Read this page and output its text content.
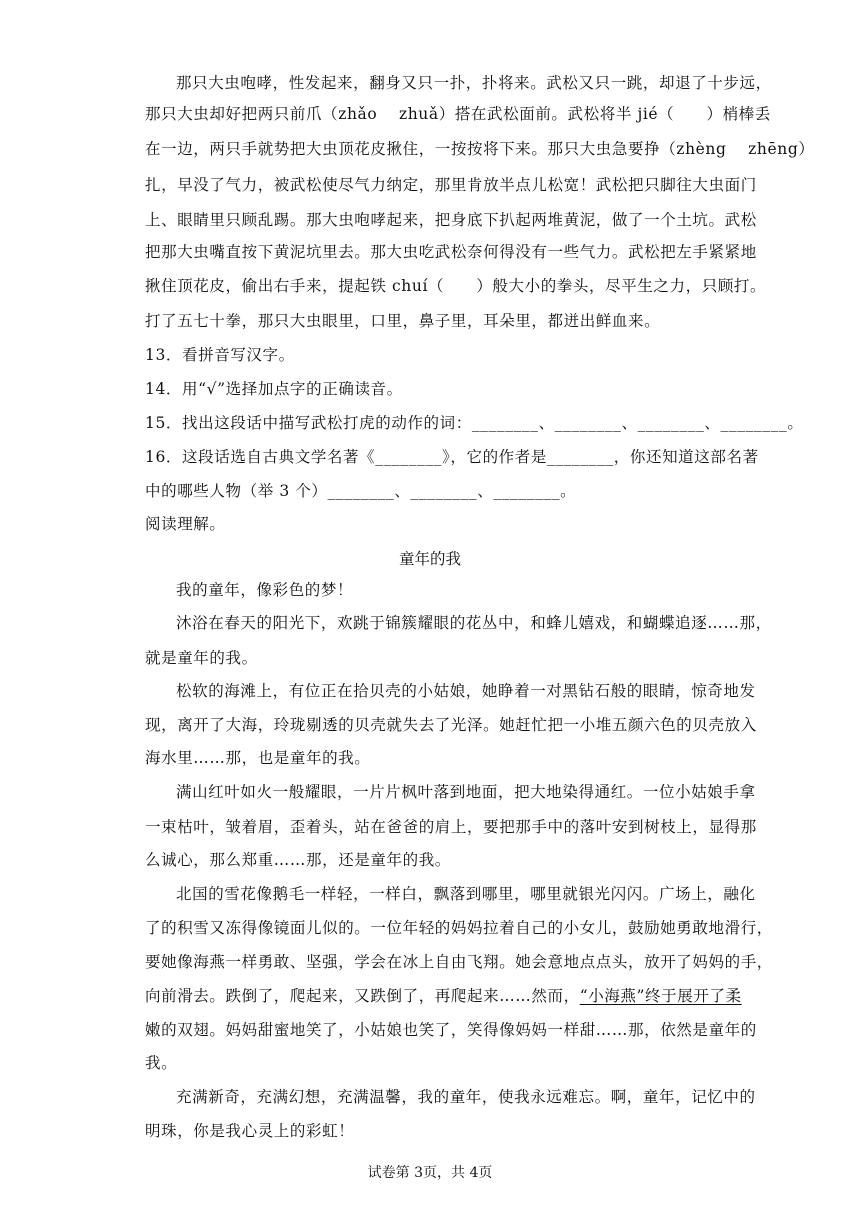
那只大虫咆哮，性发起来，翻身又只一扑，扑将来。武松又只一跳，却退了十步远，
那只大虫却好把两只前爪（zhǎo　 zhuǎ）搭在武松面前。武松将半 jié（　　）梢棒丢
在一边，两只手就势把大虫顶花皮揪住，一按按将下来。那只大虫急要挣（zhèng　 zhēng）
扎，早没了气力，被武松使尽气力纳定，那里肯放半点儿松宽！武松把只脚往大虫面门
上、眼睛里只顾乱踢。那大虫咆哮起来，把身底下扒起两堆黄泥，做了一个土坑。武松
把那大虫嘴直按下黄泥坑里去。那大虫吃武松奈何得没有一些气力。武松把左手紧紧地
揪住顶花皮，偷出右手来，提起铁 chuí（　　）般大小的拳头，尽平生之力，只顾打。
打了五七十拳，那只大虫眼里，口里，鼻子里，耳朵里，都迸出鲜血来。
13．看拼音写汉字。
14．用“√”选择加点字的正确读音。
15．找出这段话中描写武松打虎的动作的词：________、________、________、________。
16．这段话选自古典文学名著《________》，它的作者是________，你还知道这部名著
中的哪些人物（举 3 个）________、________、________。
阅读理解。
童年的我
我的童年，像彩色的梦！
沐浴在春天的阳光下，欢跳于锦簇耀眼的花丛中，和蜂儿嬉戏，和蝴蝶追逐……那，
就是童年的我。
松软的海滩上，有位正在拾贝壳的小姑娘，她睁着一对黑钻石般的眼睛，惊奇地发
现，离开了大海，玲珑剔透的贝壳就失去了光泽。她赶忙把一小堆五颜六色的贝壳放入
海水里……那，也是童年的我。
满山红叶如火一般耀眼，一片片枫叶落到地面，把大地染得通红。一位小姑娘手拿
一束枯叶，皱着眉，歪着头，站在爸爸的肩上，要把那手中的落叶安到树枝上，显得那
么诚心，那么郑重……那，还是童年的我。
北国的雪花像鹅毛一样轻，一样白，飘落到哪里，哪里就银光闪闪。广场上，融化
了的积雪又冻得像镜面儿似的。一位年轻的妈妈拉着自己的小女儿，鼓励她勇敢地滑行，
要她像海燕一样勇敢、坚强，学会在冰上自由飞翔。她会意地点点头，放开了妈妈的手，
向前滑去。跌倒了，爬起来，又跌倒了，再爬起来……然而，“小海燕”终于展开了柔
嫩的双翅。妈妈甜蜜地笑了，小姑娘也笑了，笑得像妈妈一样甜……那，依然是童年的
我。
充满新奇，充满幻想，充满温馨，我的童年，使我永远难忘。啊，童年，记忆中的
明珠，你是我心灵上的彩虹！
试卷第 3页，共 4页
